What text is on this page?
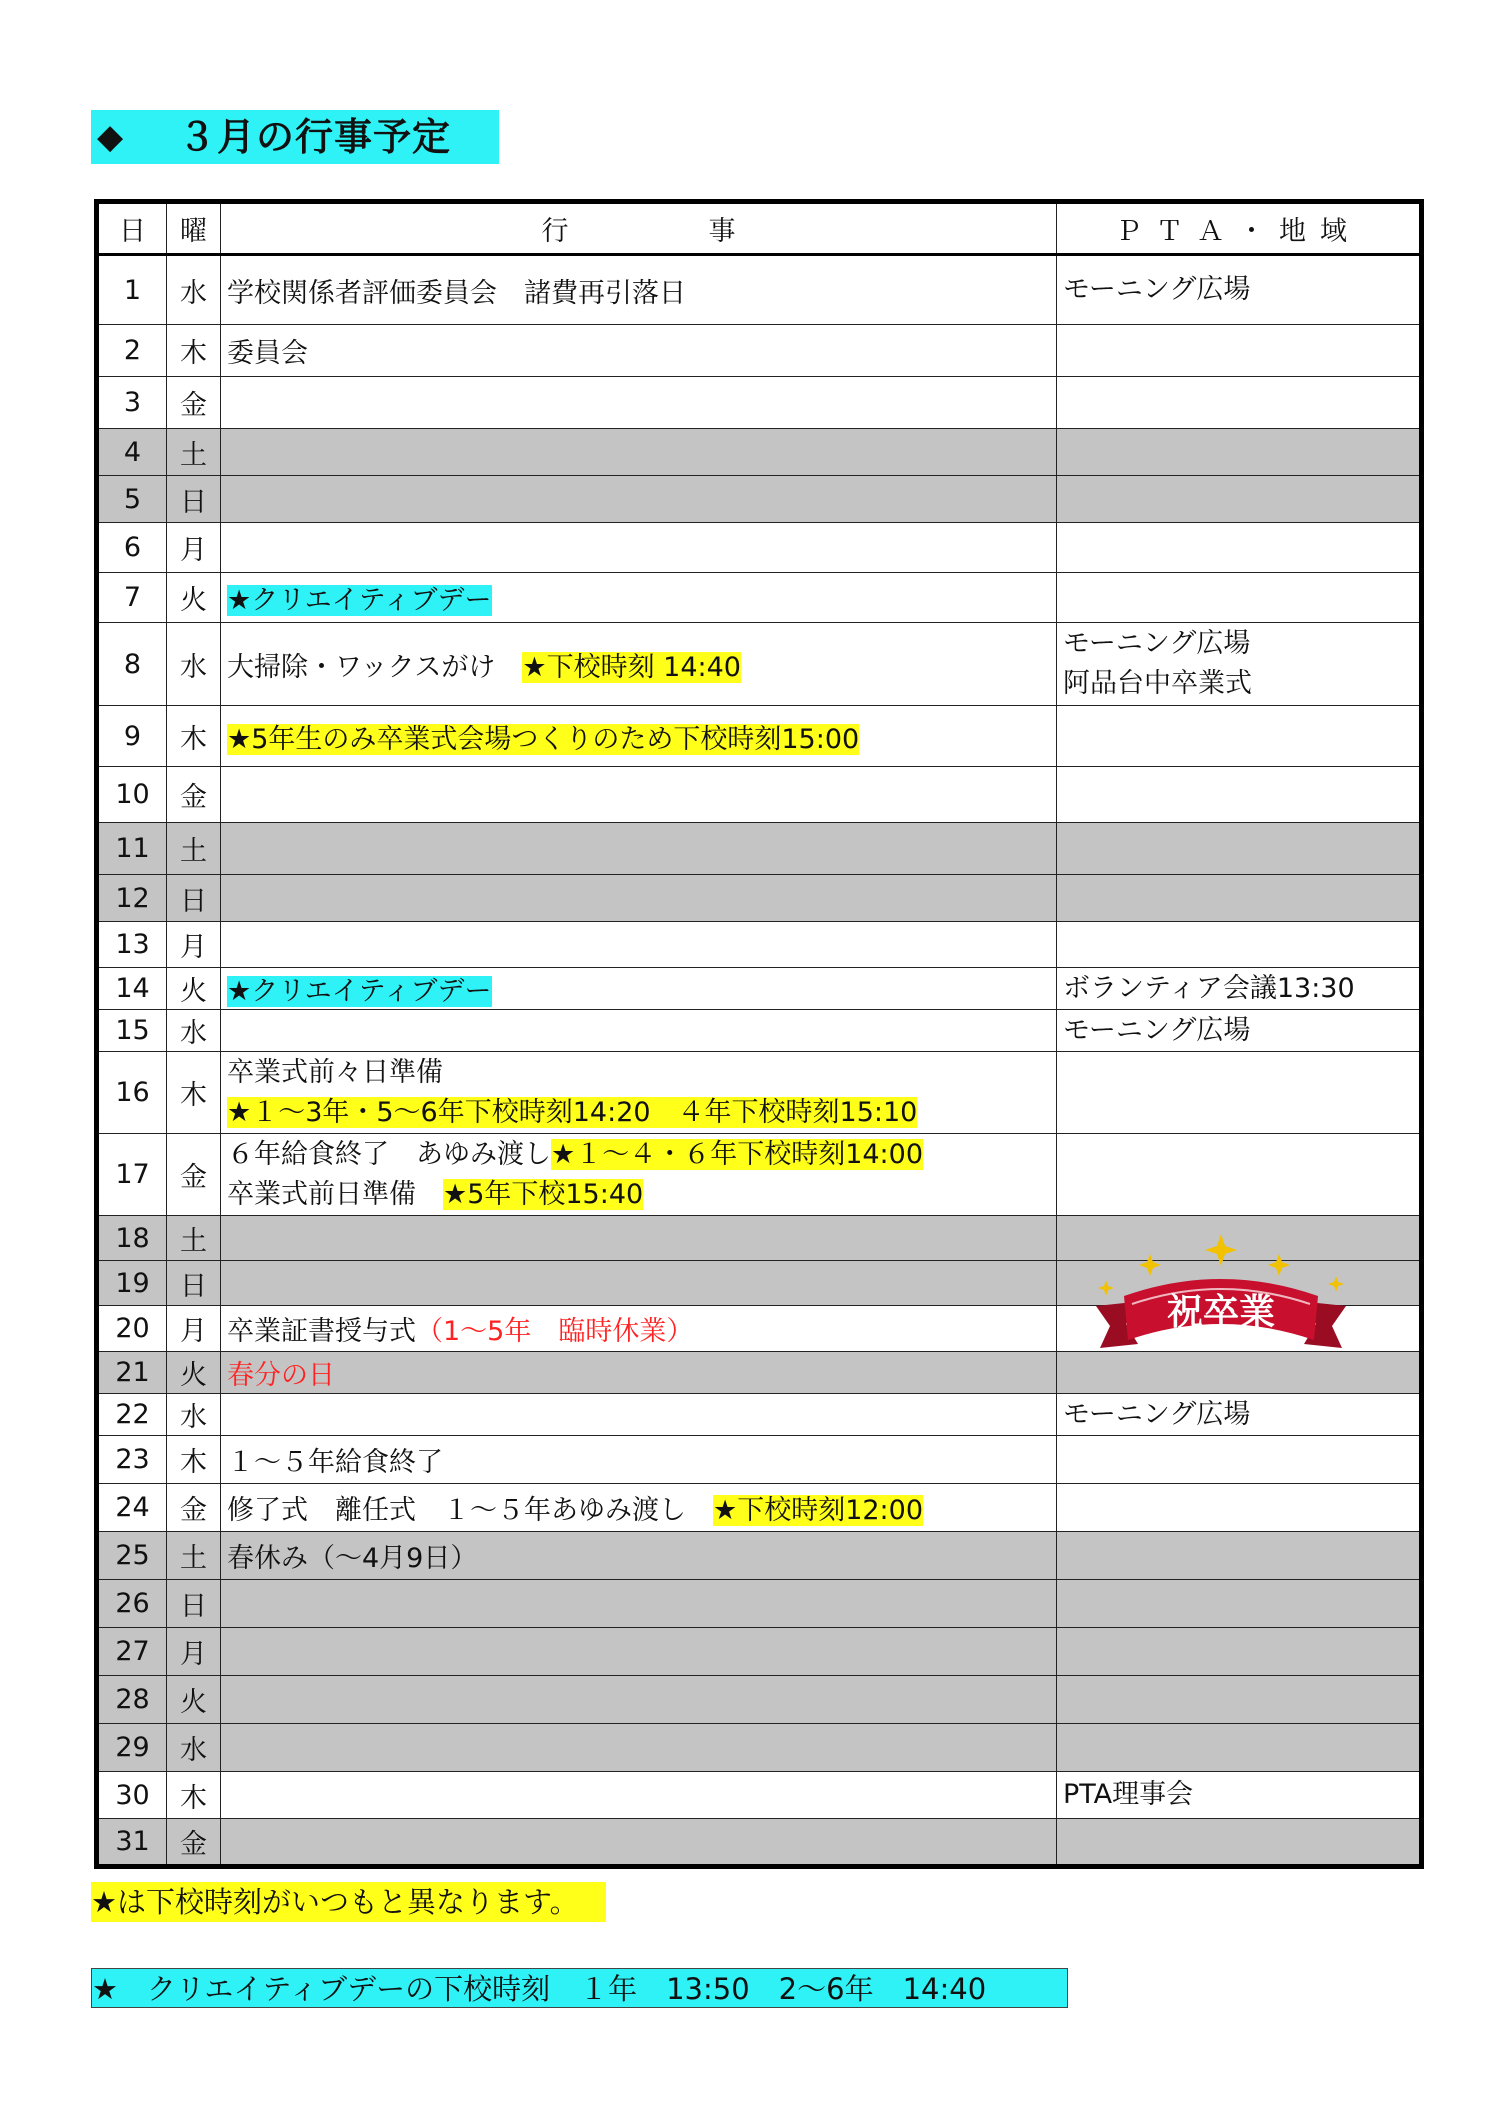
◆ ３月の行事予定
日	曜	行事	ＰＴＡ・地域
1	水	学校関係者評価委員会　諸費再引落日	モーニング広場

2	木	委員会	
3	金		
4	土		
5	日		
6	月		
7	火	★クリエイティブデー	
8	水	大掃除・ワックスがけ　★下校時刻 14:40	モーニング広場
阿品台中卒業式

9	木	★5年生のみ卒業式会場つくりのため下校時刻15:00	
10	金		
11	土		
12	日		
13	月		
14	火	★クリエイティブデー	ボランティア会議13:30

15	水		モーニング広場

16	木	卒業式前々日準備
★１～3年・5～6年下校時刻14:20　４年下校時刻15:10	

17	金	６年給食終了　あゆみ渡し★１～４・６年下校時刻14:00
卒業式前日準備　★5年下校15:40	

18	土		
19	日		
20	月	卒業証書授与式（1～5年　臨時休業）	
21	火	春分の日	
22	水		モーニング広場

23	木	１～５年給食終了	
24	金	修了式　離任式　１～５年あゆみ渡し　★下校時刻12:00	
25	土	春休み（～4月9日）	
26	日		
27	月		
28	火		
29	水		
30	木		PTA理事会

31	金		
祝卒業
★は下校時刻がいつもと異なります。
★　クリエイティブデーの下校時刻　１年　13:50　2～6年　14:40
